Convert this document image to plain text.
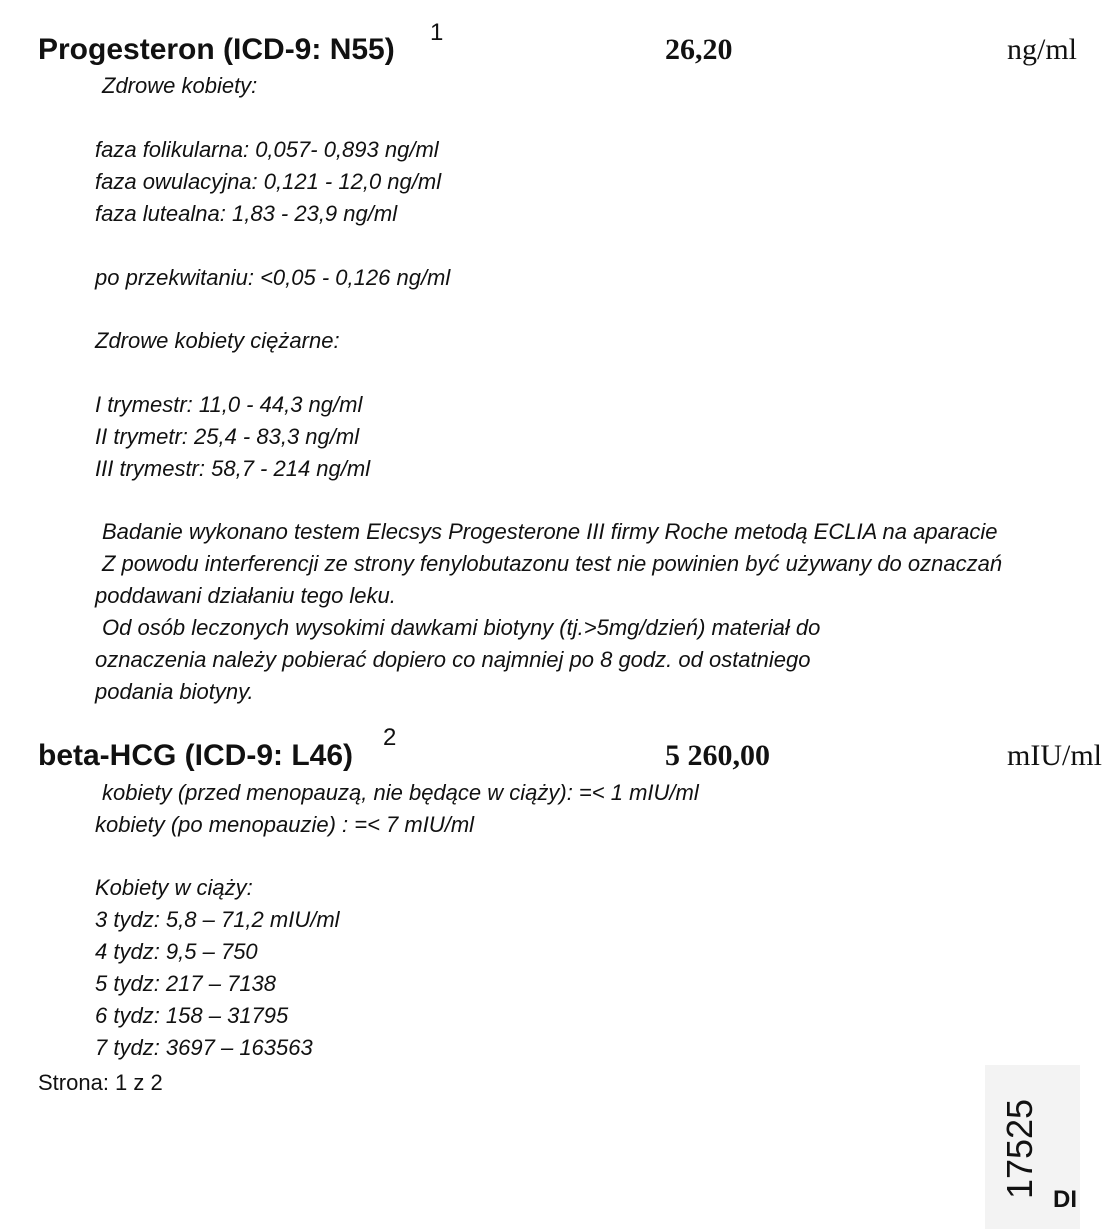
Progesteron (ICD-9: N55)
1
26,20	ng/ml
Zdrowe kobiety:
faza folikularna: 0,057- 0,893 ng/ml
faza owulacyjna: 0,121 - 12,0 ng/ml
faza lutealna: 1,83 - 23,9 ng/ml
po przekwitaniu: <0,05 - 0,126 ng/ml
Zdrowe kobiety ciężarne:
I trymestr: 11,0 - 44,3 ng/ml
II trymetr: 25,4 - 83,3 ng/ml
III trymestr: 58,7 - 214 ng/ml
Badanie wykonano testem Elecsys Progesterone III firmy Roche metodą ECLIA na aparacie
Z powodu interferencji ze strony fenylobutazonu test nie powinien być używany do oznaczań
poddawani działaniu tego leku.
Od osób leczonych wysokimi dawkami biotyny (tj.>5mg/dzień) materiał do
oznaczenia należy pobierać dopiero co najmniej po 8 godz. od ostatniego
podania biotyny.
beta-HCG (ICD-9: L46)
2
5 260,00	mIU/ml
kobiety (przed menopauzą, nie będące w ciąży): =< 1 mIU/ml
kobiety (po menopauzie) : =< 7 mIU/ml
Kobiety w ciąży:
3 tydz: 5,8 – 71,2 mIU/ml
4 tydz: 9,5 – 750
5 tydz: 217 – 7138
6 tydz: 158 – 31795
7 tydz: 3697 – 163563
Strona: 1 z 2
17525
DI
